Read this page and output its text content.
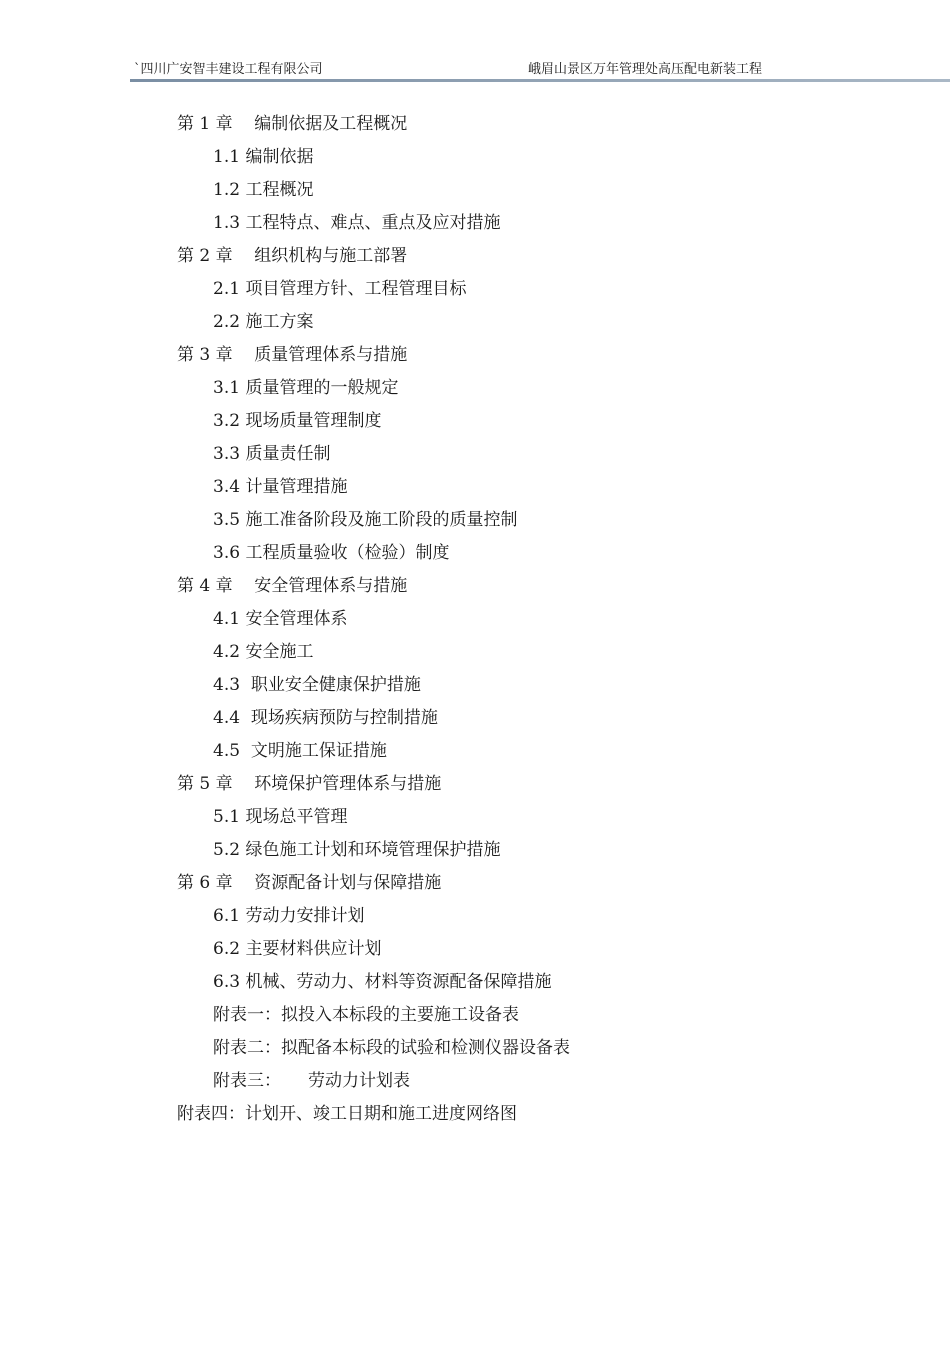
`四川广安智丰建设工程有限公司	峨眉山景区万年管理处高压配电新装工程
第 1 章    编制依据及工程概况
1.1 编制依据
1.2 工程概况
1.3 工程特点、难点、重点及应对措施
第 2 章    组织机构与施工部署
2.1 项目管理方针、工程管理目标
2.2 施工方案
第 3 章    质量管理体系与措施
3.1 质量管理的一般规定
3.2 现场质量管理制度
3.3 质量责任制
3.4 计量管理措施
3.5 施工准备阶段及施工阶段的质量控制
3.6 工程质量验收（检验）制度
第 4 章    安全管理体系与措施
4.1 安全管理体系
4.2 安全施工
4.3  职业安全健康保护措施
4.4  现场疾病预防与控制措施
4.5  文明施工保证措施
第 5 章    环境保护管理体系与措施
5.1 现场总平管理
5.2 绿色施工计划和环境管理保护措施
第 6 章    资源配备计划与保障措施
6.1 劳动力安排计划
6.2 主要材料供应计划
6.3 机械、劳动力、材料等资源配备保障措施
附表一：拟投入本标段的主要施工设备表
附表二：拟配备本标段的试验和检测仪器设备表
附表三：     劳动力计划表
附表四：计划开、竣工日期和施工进度网络图
